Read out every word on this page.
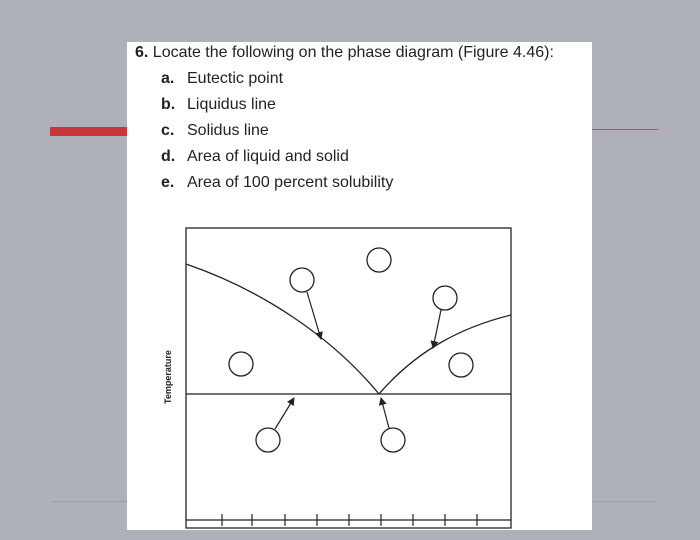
6. Locate the following on the phase diagram (Figure 4.46):
a. Eutectic point
b. Liquidus line
c. Solidus line
d. Area of liquid and solid
e. Area of 100 percent solubility
Temperature
